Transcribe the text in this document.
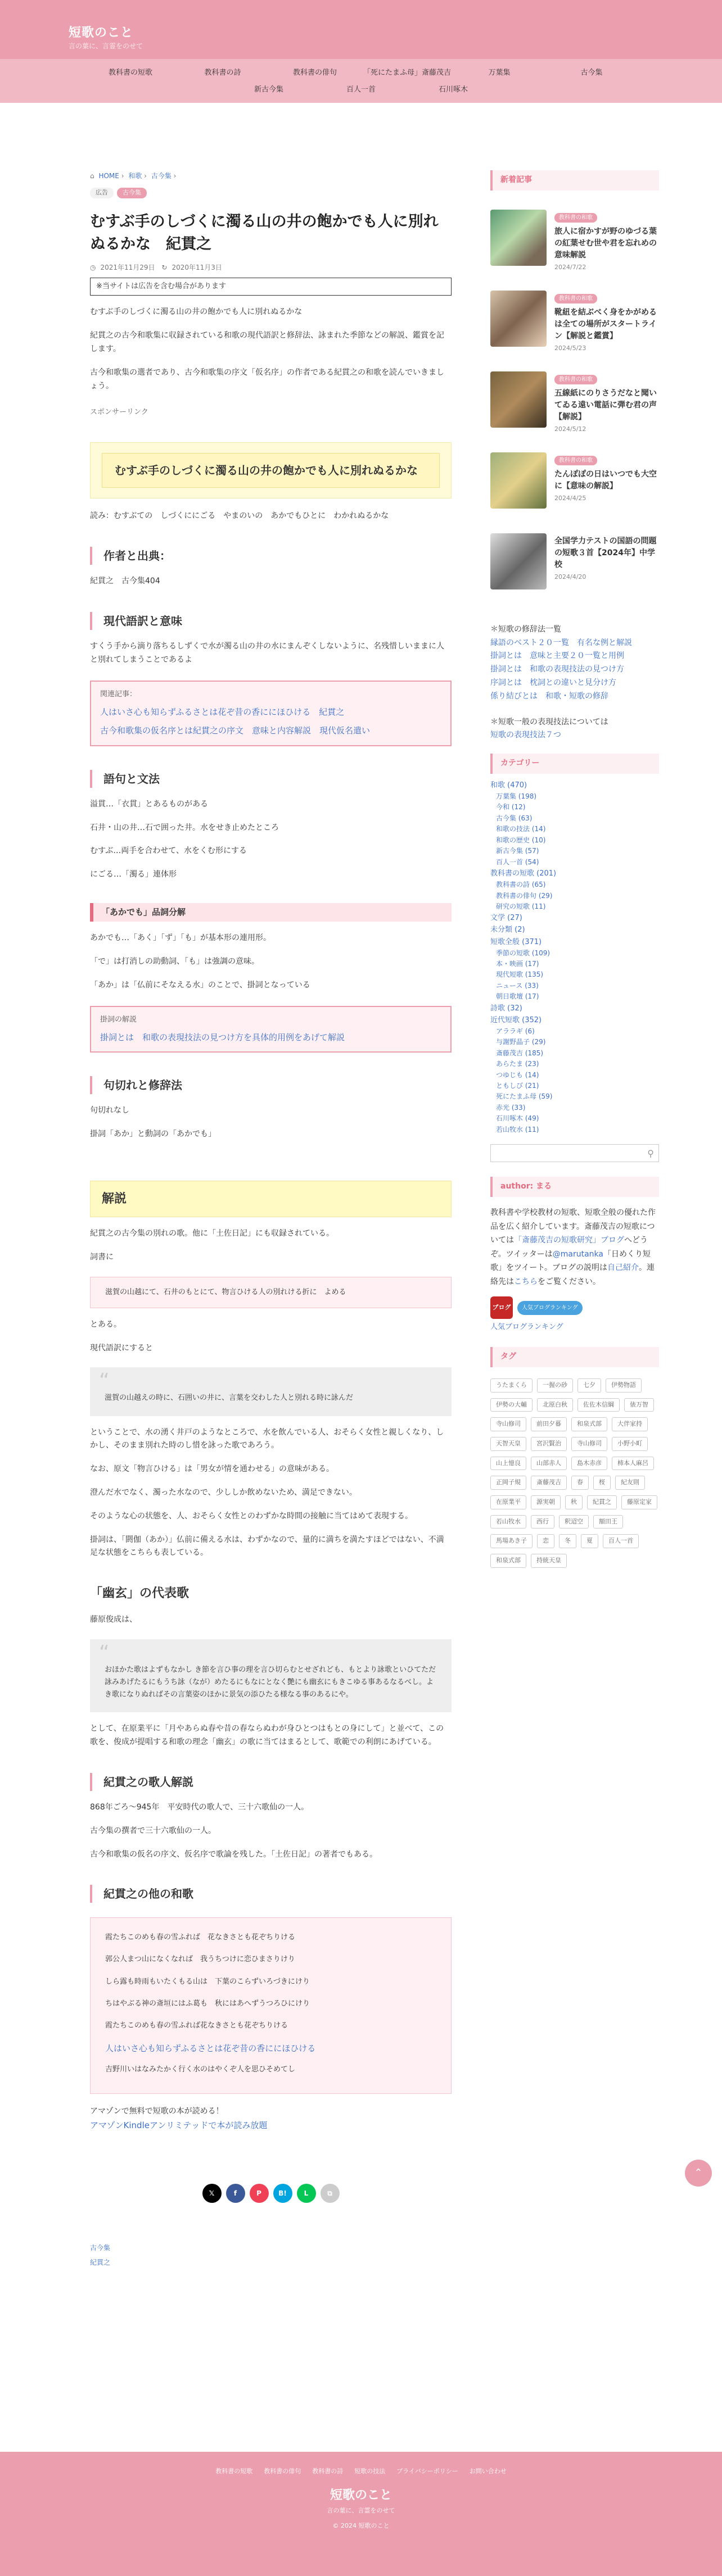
短歌のこと
言の葉に、言霊をのせて
教科書の短歌	教科書の詩	教科書の俳句	「死にたまふ母」斎藤茂吉	万葉集	古今集
新古今集	百人一首	石川啄木
⌂ HOME › 和歌 › 古今集 ›
広告 古今集
むすぶ手のしづくに濁る山の井の飽かでも人に別れぬるかな　紀貫之
◷ 2021年11月29日 ↻ 2020年11月3日
※当サイトは広告を含む場合があります

むすぶ手のしづくに濁る山の井の飽かでも人に別れぬるかな

紀貫之の古今和歌集に収録されている和歌の現代語訳と修辞法、詠まれた季節などの解説、鑑賞を記します。

古今和歌集の選者であり、古今和歌集の序文「仮名序」の作者である紀貫之の和歌を読んでいきましょう。

スポンサーリンク
むすぶ手のしづくに濁る山の井の飽かでも人に別れぬるかな

読み：むすぶての　しづくににごる　やまのいの　あかでもひとに　わかれぬるかな

作者と出典：

紀貫之　古今集404

現代語訳と意味

すくう手から滴り落ちるしずくで水が濁る山の井の水にまんぞくしないように、名残惜しいままに人と別れてしまうことであるよ

関連記事：
人はいさ心も知らずふるさとは花ぞ昔の香ににほひける　紀貫之
古今和歌集の仮名序とは紀貫之の序文　意味と内容解説　現代仮名遣い
語句と文法

溢貫…「衣貫」とあるものがある

石井・山の井…石で囲った井。水をせき止めたところ

むすぶ…両手を合わせて、水をくむ形にする

にごる…「濁る」連体形

「あかでも」品詞分解

あかでも…「あく」「ず」「も」が基本形の連用形。

「で」は打消しの助動詞、「も」は強調の意味。

「あか」は「仏前にそなえる水」のことで、掛詞となっている

掛詞の解説
掛詞とは　和歌の表現技法の見つけ方を具体的用例をあげて解説
句切れと修辞法

句切れなし

掛詞「あか」と動詞の「あかでも」

解説

紀貫之の古今集の別れの歌。他に「土佐日記」にも収録されている。

詞書に

滋賀の山越にて、石井のもとにて、物言ひける人の別れける折に　よめる

とある。

現代語訳にすると

“ 滋賀の山越えの時に、石囲いの井に、言葉を交わした人と別れる時に詠んだ

ということで、水の湧く井戸のようなところで、水を飲んでいる人、おそらく女性と親しくなり、しかし、そのまま別れた時のし惜を詠った歌であろう。

なお、原文「物言ひける」は「男女が情を通わせる」の意味がある。

澄んだ水でなく、濁った水なので、少ししか飲めないため、満足できない。

そのような心の状態を、人、おそらく女性とのわずかな時間の接触に当てはめて表現する。

掛詞は、「閼伽（あか）」仏前に備える水は、わずかなので、量的に満ちを満たすほどではない、不満足な状態をこちらも表している。

「幽玄」の代表歌

藤原俊成は、

“ おほかた歌はよずもなかし き節を言ひ事の理を言ひ切らむとせざれども、もとより詠歌といひてただ詠みあげたるにもうち詠（なが）めたるにもなにとなく艶にも幽玄にもきこゆる事あるなるべし。よき歌になりぬればその言葉姿のほかに景気の添ひたる様なる事のあるにや。

として、在原業平に「月やあらぬ春や昔の春ならぬわが身ひとつはもとの身にして」と並べて、この歌を、俊成が提唱する和歌の理念「幽玄」の歌に当てはまるとして、歌範での利朗にあげている。

紀貫之の歌人解説

868年ごろ〜945年　平安時代の歌人で、三十六歌仙の一人。

古今集の撰者で三十六歌仙の一人。

古今和歌集の仮名の序文、仮名序で歌論を残した。「土佐日記」の著者でもある。

紀貫之の他の和歌
霞たちこのめも春の雪ふれば　花なきさとも花ぞちりける
郭公人まつ山になくなれば　我うちつけに恋ひまさりけり
しら露も時雨もいたくもる山は　下葉のこらずいろづきにけり
ちはやぶる神の斎垣にはふ葛も　秋にはあへずうつろひにけり
霞たちこのめも春の雪ふれば花なきさとも花ぞちりける
人はいさ心も知らずふるさとは花ぞ昔の香ににほひける
吉野川いはなみたかく行く水のはやくぞ人を思ひそめてし
アマゾンで無料で短歌の本が読める！
アマゾンKindleアンリミテッドで本が読み放題
𝕏	f	P	B!	L	⧉
古今集
紀貫之
新着記事
教科書の和歌
旅人に宿かすが野のゆづる葉の紅葉せむ世や君を忘れめの意味解説
2024/7/22
教科書の和歌
靴紐を結ぶべく身をかがめるは全ての場所がスタートライン【解説と鑑賞】
2024/5/23
教科書の和歌
五線紙にのりさうだなと聞いてゐる遠い電話に弾む君の声【解説】
2024/5/12
教科書の和歌
たんぽぽの日はいつでも大空に【意味の解説】
2024/4/25
全国学力テストの国語の問題の短歌３首【2024年】中学校
2024/4/20
＊短歌の修辞法一覧
縁語のベスト２０一覧　有名な例と解説
掛詞とは　意味と主要２０一覧と用例
掛詞とは　和歌の表現技法の見つけ方
序詞とは　枕詞との違いと見分け方
係り結びとは　和歌・短歌の修辞
＊短歌一般の表現技法については
短歌の表現技法７つ
カテゴリー
和歌 (470)
万葉集 (198)
今和 (12)
古今集 (63)
和歌の技法 (14)
和歌の歴史 (10)
新古今集 (57)
百人一首 (54)
教科書の短歌 (201)
教科書の詩 (65)
教科書の俳句 (29)
研究の短歌 (11)
文学 (27)
未分類 (2)
短歌全般 (371)
季節の短歌 (109)
本・映画 (17)
現代短歌 (135)
ニュース (33)
朝日歌壇 (17)
詩歌 (32)
近代短歌 (352)
アララギ (6)
与謝野晶子 (29)
斎藤茂吉 (185)
あらたま (23)
つゆじも (14)
ともしび (21)
死にたまふ母 (59)
赤光 (33)
石川啄木 (49)
若山牧水 (11)
⚲
author: まる
教科書や学校教材の短歌、短歌全般の優れた作品を広く紹介しています。斎藤茂吉の短歌については「斎藤茂吉の短歌研究」ブログへどうぞ。ツイッターは@marutanka「日めくり短歌」をツイート。ブログの説明は自己紹介。連絡先はこちらをご覧ください。
ブログ	人気ブログランキング
人気ブログランキング
タグ
うたまくら	一握の砂	七夕	伊勢物語
伊勢の大輔	北原白秋	佐佐木信綱	俵万智
寺山修司	前田夕暮	和泉式部	大伴家持
天智天皇	宮沢賢治	寺山修司	小野小町
山上憶良	山部赤人	島木赤彦	柿本人麻呂
正岡子規	斎藤茂吉	春	桜	紀友則
在原業平	源実朝	秋	紀貫之	藤原定家
若山牧水	西行	釈迢空	額田王
馬場あき子	恋	冬	夏	百人一首
和泉式部	持統天皇
⌃
教科書の短歌 教科書の俳句 教科書の詩 短歌の技法 プライバシーポリシー お問い合わせ
短歌のこと
言の葉に、言霊をのせて
© 2024 短歌のこと
